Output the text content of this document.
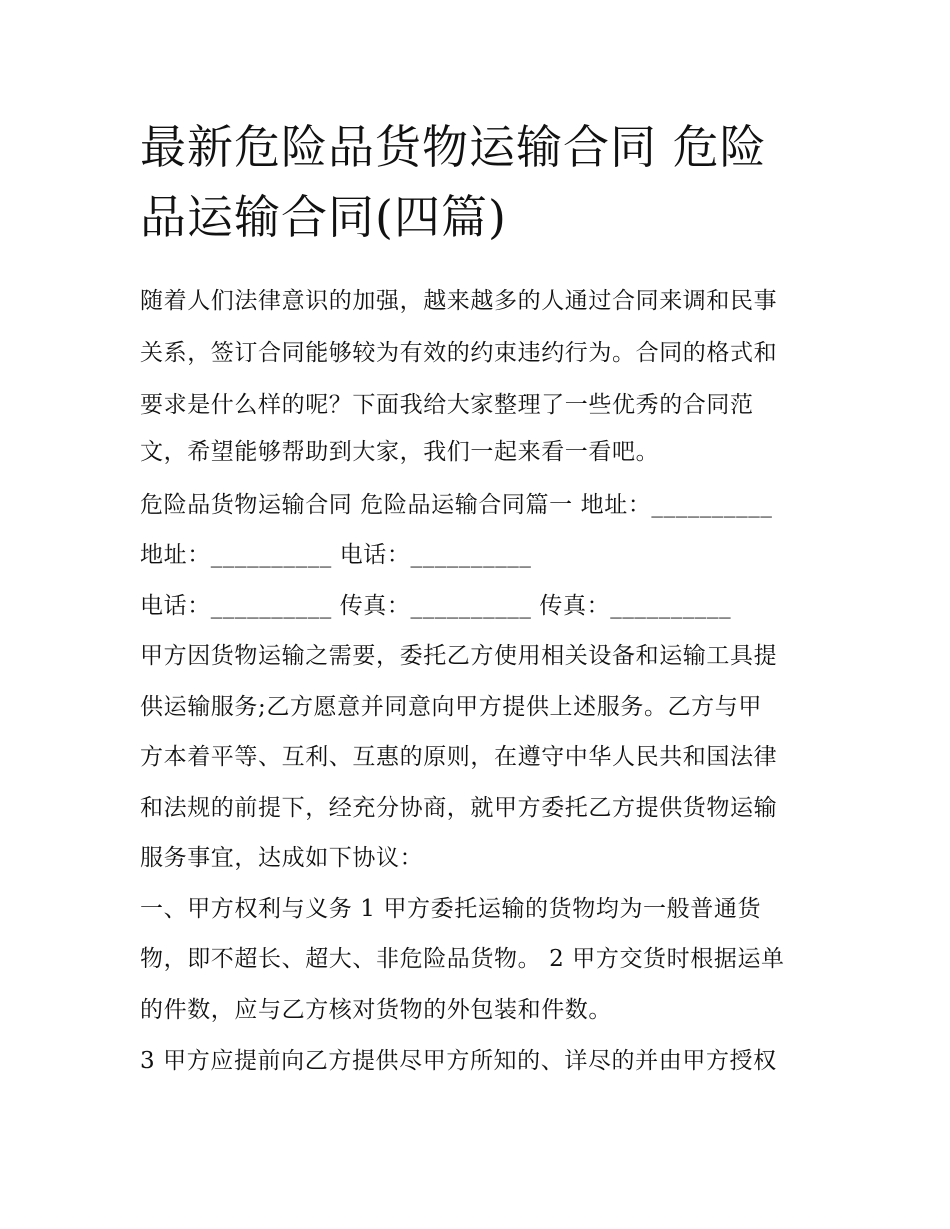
最新危险品货物运输合同 危险
品运输合同(四篇)

随着人们法律意识的加强，越来越多的人通过合同来调和民事

关系，签订合同能够较为有效的约束违约行为。合同的格式和

要求是什么样的呢？下面我给大家整理了一些优秀的合同范

文，希望能够帮助到大家，我们一起来看一看吧。

危险品货物运输合同 危险品运输合同篇一 地址：__________

地址：__________ 电话：__________

电话：__________ 传真：__________ 传真：__________

甲方因货物运输之需要，委托乙方使用相关设备和运输工具提

供运输服务;乙方愿意并同意向甲方提供上述服务。乙方与甲

方本着平等、互利、互惠的原则，在遵守中华人民共和国法律

和法规的前提下，经充分协商，就甲方委托乙方提供货物运输

服务事宜，达成如下协议：

一、甲方权利与义务 1 甲方委托运输的货物均为一般普通货

物，即不超长、超大、非危险品货物。 2 甲方交货时根据运单

的件数，应与乙方核对货物的外包装和件数。

3 甲方应提前向乙方提供尽甲方所知的、详尽的并由甲方授权
